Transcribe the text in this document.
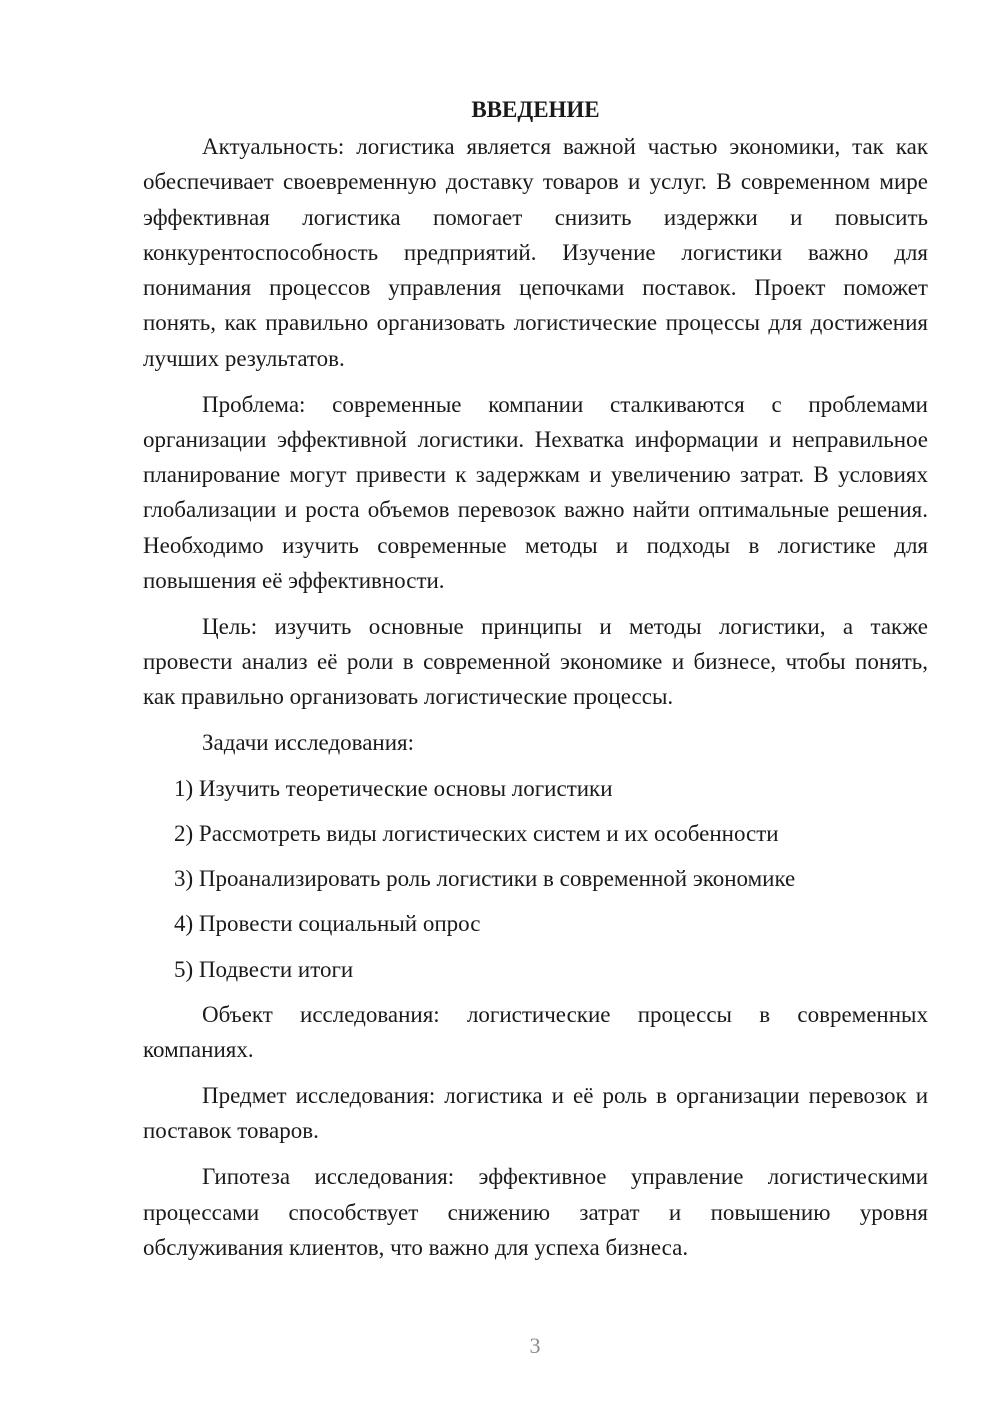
ВВЕДЕНИЕ

Актуальность: логистика является важной частью экономики, так как обеспечивает своевременную доставку товаров и услуг. В современном мире эффективная логистика помогает снизить издержки и повысить конкурентоспособность предприятий. Изучение логистики важно для понимания процессов управления цепочками поставок. Проект поможет понять, как правильно организовать логистические процессы для достижения лучших результатов.

Проблема: современные компании сталкиваются с проблемами организации эффективной логистики. Нехватка информации и неправильное планирование могут привести к задержкам и увеличению затрат. В условиях глобализации и роста объемов перевозок важно найти оптимальные решения. Необходимо изучить современные методы и подходы в логистике для повышения её эффективности.

Цель: изучить основные принципы и методы логистики, а также провести анализ её роли в современной экономике и бизнесе, чтобы понять, как правильно организовать логистические процессы.

Задачи исследования:

1) Изучить теоретические основы логистики

2) Рассмотреть виды логистических систем и их особенности

3) Проанализировать роль логистики в современной экономике

4) Провести социальный опрос

5) Подвести итоги

Объект исследования: логистические процессы в современных компаниях.

Предмет исследования: логистика и её роль в организации перевозок и поставок товаров.

Гипотеза исследования: эффективное управление логистическими процессами способствует снижению затрат и повышению уровня обслуживания клиентов, что важно для успеха бизнеса.

3
